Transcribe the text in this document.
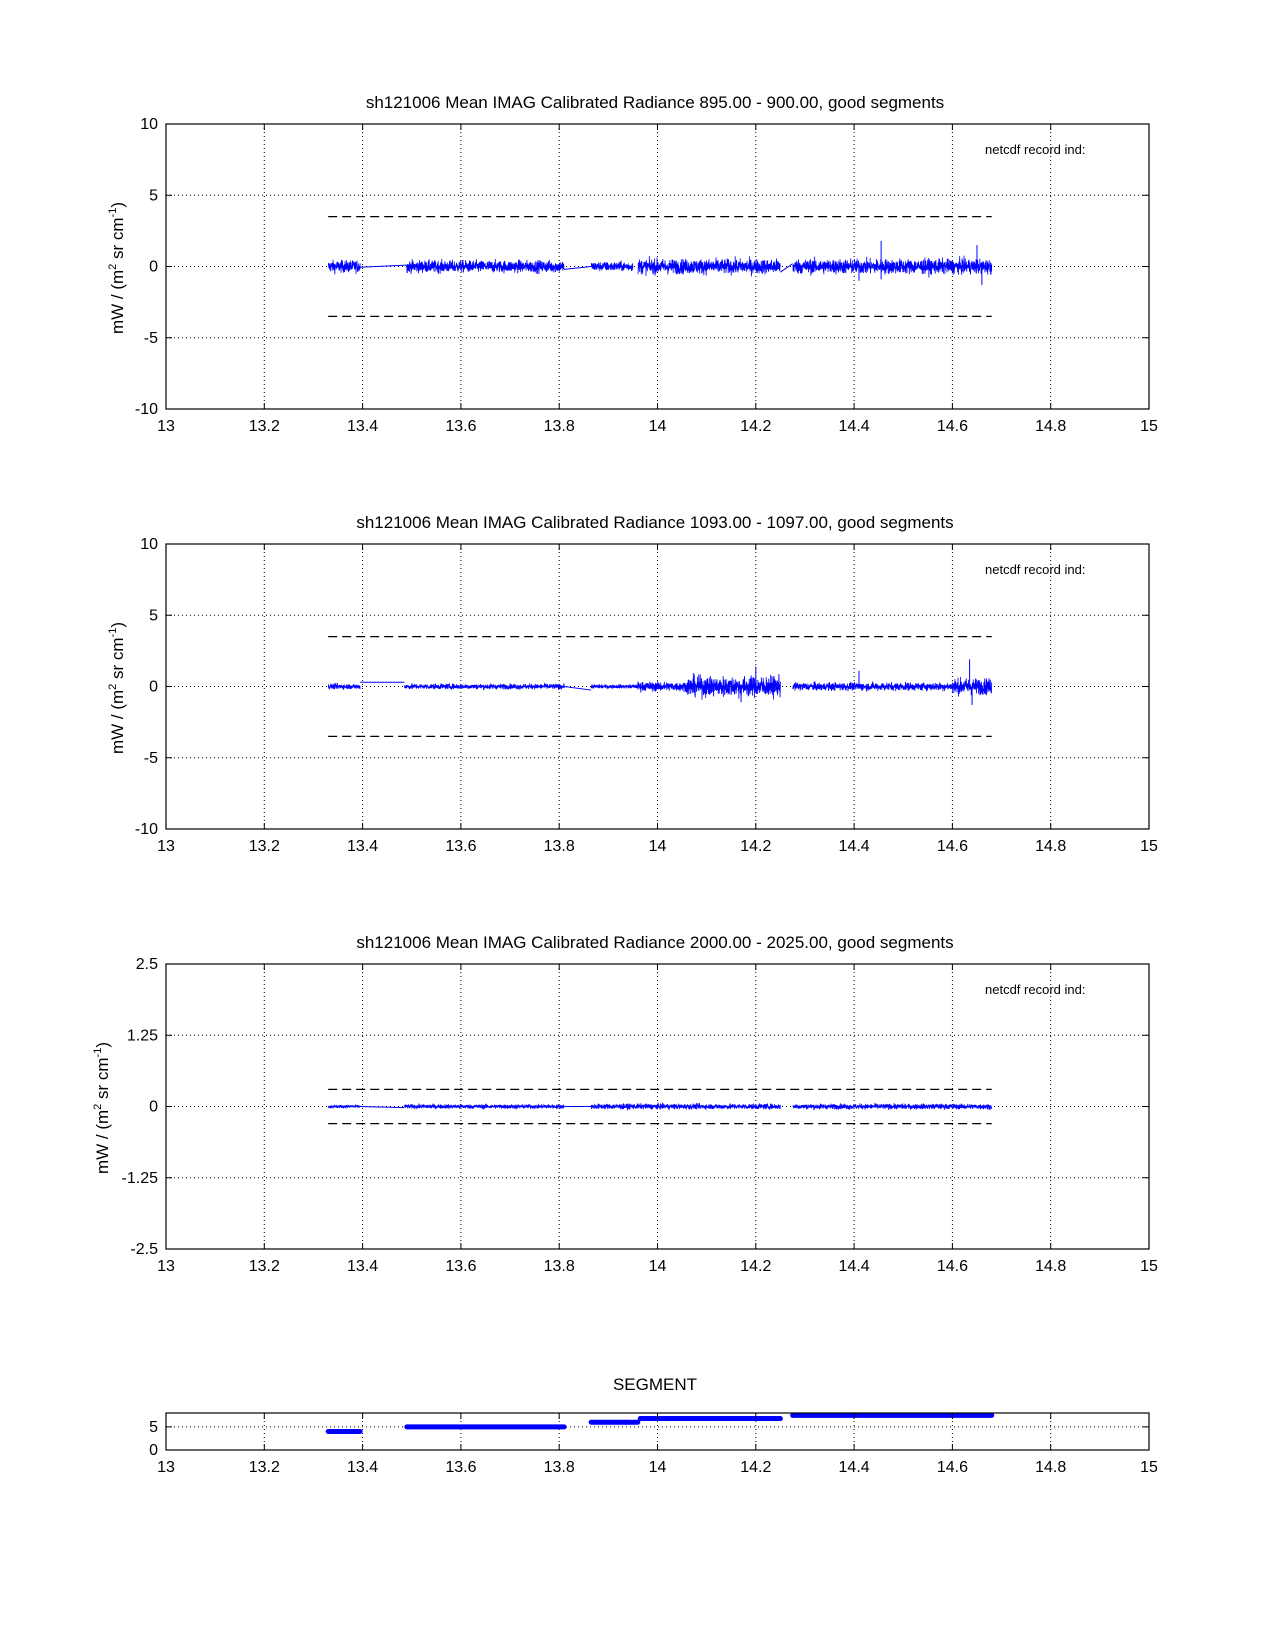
sh121006 Mean IMAG Calibrated Radiance 895.00 - 900.00, good segments
netcdf record ind:
mW / ($m^2$ sr $cm^{-1}$)
13	13.2	13.4	13.6	13.8	14	14.2	14.4	14.6	14.8	15
-10
-5
0
5
10
sh121006 Mean IMAG Calibrated Radiance 1093.00 - 1097.00, good segments
netcdf record ind:
mW / ($m^2$ sr $cm^{-1}$)
13	13.2	13.4	13.6	13.8	14	14.2	14.4	14.6	14.8	15
-10
-5
0
5
10
sh121006 Mean IMAG Calibrated Radiance 2000.00 - 2025.00, good segments
netcdf record ind:
mW / ($m^2$ sr $cm^{-1}$)
13	13.2	13.4	13.6	13.8	14	14.2	14.4	14.6	14.8	15
-2.5
-1.25
0
1.25
2.5
SEGMENT
13	13.2	13.4	13.6	13.8	14	14.2	14.4	14.6	14.8	15
0
5
